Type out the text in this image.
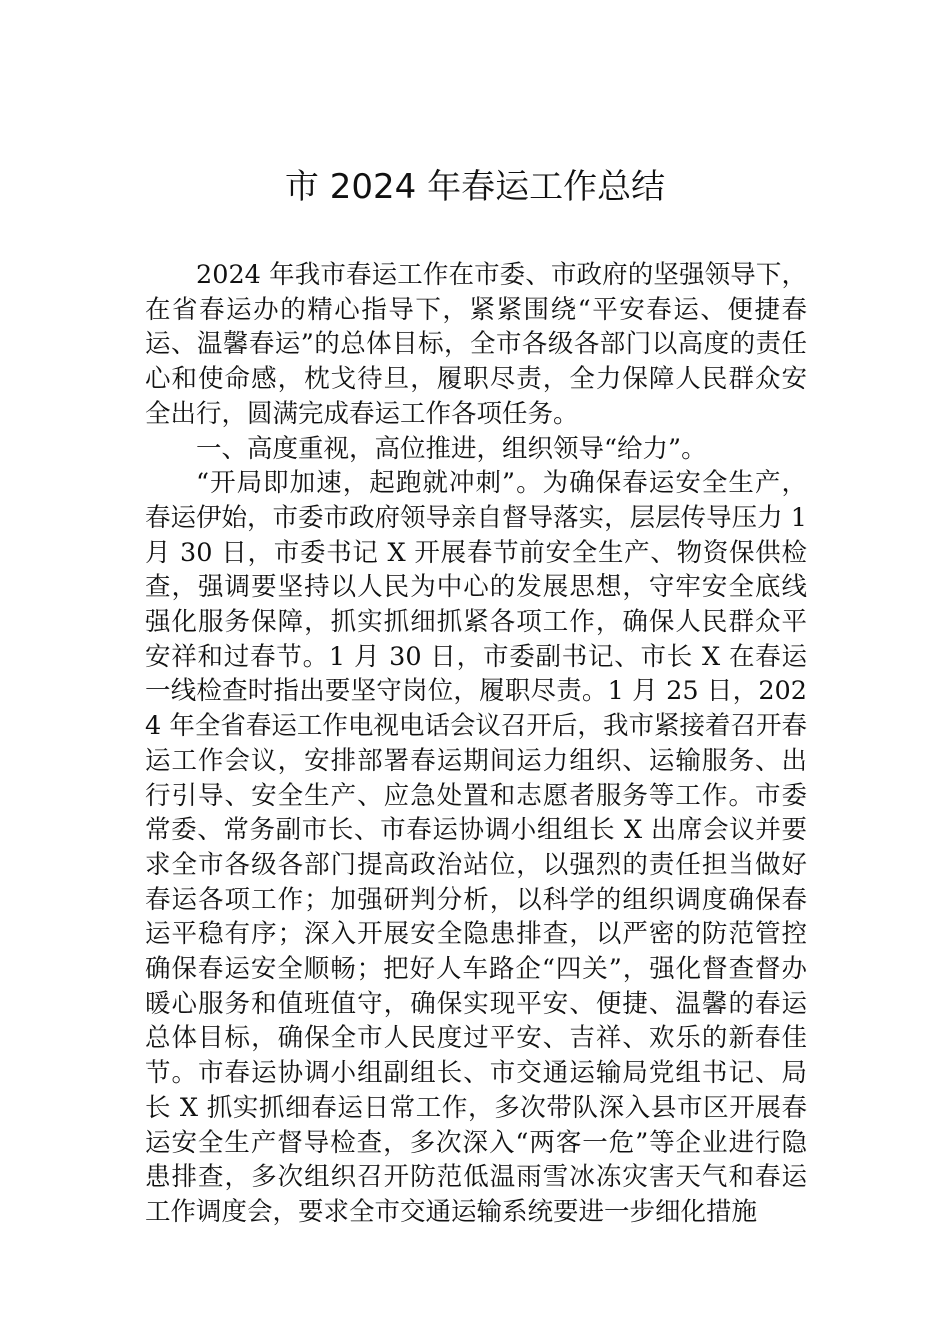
市 2024 年春运工作总结

2024 年我市春运工作在市委、市政府的坚强领导下，在省春运办的精心指导下，紧紧围绕“平安春运、便捷春运、温馨春运”的总体目标，全市各级各部门以高度的责任心和使命感，枕戈待旦，履职尽责，全力保障人民群众安全出行，圆满完成春运工作各项任务。

一、高度重视，高位推进，组织领导“给力”。

“开局即加速，起跑就冲刺”。为确保春运安全生产，春运伊始，市委市政府领导亲自督导落实，层层传导压力 1 月 30 日，市委书记 X 开展春节前安全生产、物资保供检查，强调要坚持以人民为中心的发展思想，守牢安全底线强化服务保障，抓实抓细抓紧各项工作，确保人民群众平安祥和过春节。1 月 30 日，市委副书记、市长 X 在春运一线检查时指出要坚守岗位，履职尽责。1 月 25 日，2024 年全省春运工作电视电话会议召开后，我市紧接着召开春运工作会议，安排部署春运期间运力组织、运输服务、出行引导、安全生产、应急处置和志愿者服务等工作。市委常委、常务副市长、市春运协调小组组长 X 出席会议并要求全市各级各部门提高政治站位，以强烈的责任担当做好春运各项工作；加强研判分析，以科学的组织调度确保春运平稳有序；深入开展安全隐患排查，以严密的防范管控确保春运安全顺畅；把好人车路企“四关”，强化督查督办暖心服务和值班值守，确保实现平安、便捷、温馨的春运总体目标，确保全市人民度过平安、吉祥、欢乐的新春佳节。市春运协调小组副组长、市交通运输局党组书记、局长 X 抓实抓细春运日常工作，多次带队深入县市区开展春运安全生产督导检查，多次深入“两客一危”等企业进行隐患排查，多次组织召开防范低温雨雪冰冻灾害天气和春运工作调度会，要求全市交通运输系统要进一步细化措施
